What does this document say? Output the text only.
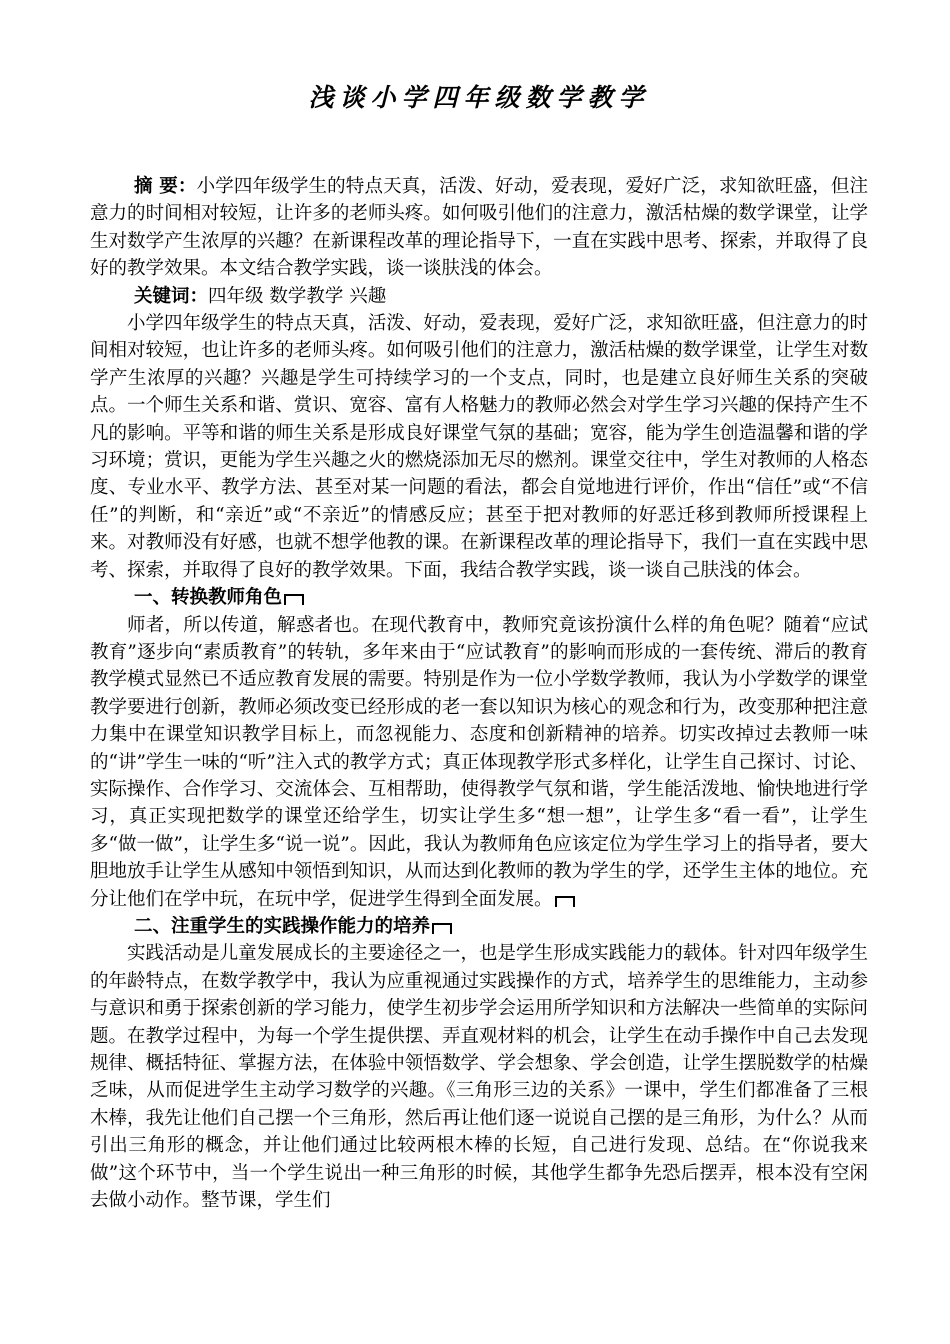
浅谈小学四年级数学教学

摘 要：小学四年级学生的特点天真，活泼、好动，爱表现，爱好广泛，求知欲旺盛，但注意力的时间相对较短，让许多的老师头疼。如何吸引他们的注意力，激活枯燥的数学课堂，让学生对数学产生浓厚的兴趣？在新课程改革的理论指导下，一直在实践中思考、探索，并取得了良好的教学效果。本文结合教学实践，谈一谈肤浅的体会。

关键词：四年级 数学教学 兴趣

小学四年级学生的特点天真，活泼、好动，爱表现，爱好广泛，求知欲旺盛，但注意力的时间相对较短，也让许多的老师头疼。如何吸引他们的注意力，激活枯燥的数学课堂，让学生对数学产生浓厚的兴趣？兴趣是学生可持续学习的一个支点，同时，也是建立良好师生关系的突破点。一个师生关系和谐、赏识、宽容、富有人格魅力的教师必然会对学生学习兴趣的保持产生不凡的影响。平等和谐的师生关系是形成良好课堂气氛的基础；宽容，能为学生创造温馨和谐的学习环境；赏识，更能为学生兴趣之火的燃烧添加无尽的燃剂。课堂交往中，学生对教师的人格态度、专业水平、教学方法、甚至对某一问题的看法，都会自觉地进行评价，作出“信任”或“不信任”的判断，和“亲近”或“不亲近”的情感反应；甚至于把对教师的好恶迁移到教师所授课程上来。对教师没有好感，也就不想学他教的课。在新课程改革的理论指导下，我们一直在实践中思考、探索，并取得了良好的教学效果。下面，我结合教学实践，谈一谈自己肤浅的体会。

一、转换教师角色

师者，所以传道，解惑者也。在现代教育中，教师究竟该扮演什么样的角色呢？随着“应试教育”逐步向“素质教育”的转轨，多年来由于“应试教育”的影响而形成的一套传统、滞后的教育教学模式显然已不适应教育发展的需要。特别是作为一位小学数学教师，我认为小学数学的课堂教学要进行创新，教师必须改变已经形成的老一套以知识为核心的观念和行为，改变那种把注意力集中在课堂知识教学目标上，而忽视能力、态度和创新精神的培养。切实改掉过去教师一味的“讲”学生一味的“听”注入式的教学方式；真正体现教学形式多样化，让学生自己探讨、讨论、实际操作、合作学习、交流体会、互相帮助，使得教学气氛和谐，学生能活泼地、愉快地进行学习，真正实现把数学的课堂还给学生，切实让学生多“想一想”，让学生多“看一看”，让学生多“做一做”，让学生多“说一说”。因此，我认为教师角色应该定位为学生学习上的指导者，要大胆地放手让学生从感知中领悟到知识，从而达到化教师的教为学生的学，还学生主体的地位。充分让他们在学中玩，在玩中学，促进学生得到全面发展。

二、注重学生的实践操作能力的培养

实践活动是儿童发展成长的主要途径之一，也是学生形成实践能力的载体。针对四年级学生的年龄特点，在数学教学中，我认为应重视通过实践操作的方式，培养学生的思维能力，主动参与意识和勇于探索创新的学习能力，使学生初步学会运用所学知识和方法解决一些简单的实际问题。在教学过程中，为每一个学生提供摆、弄直观材料的机会，让学生在动手操作中自己去发现规律、概括特征、掌握方法，在体验中领悟数学、学会想象、学会创造，让学生摆脱数学的枯燥乏味，从而促进学生主动学习数学的兴趣。《三角形三边的关系》一课中，学生们都准备了三根木棒，我先让他们自己摆一个三角形，然后再让他们逐一说说自己摆的是三角形，为什么？从而引出三角形的概念，并让他们通过比较两根木棒的长短，自己进行发现、总结。在“你说我来做”这个环节中，当一个学生说出一种三角形的时候，其他学生都争先恐后摆弄，根本没有空闲去做小动作。整节课，学生们
